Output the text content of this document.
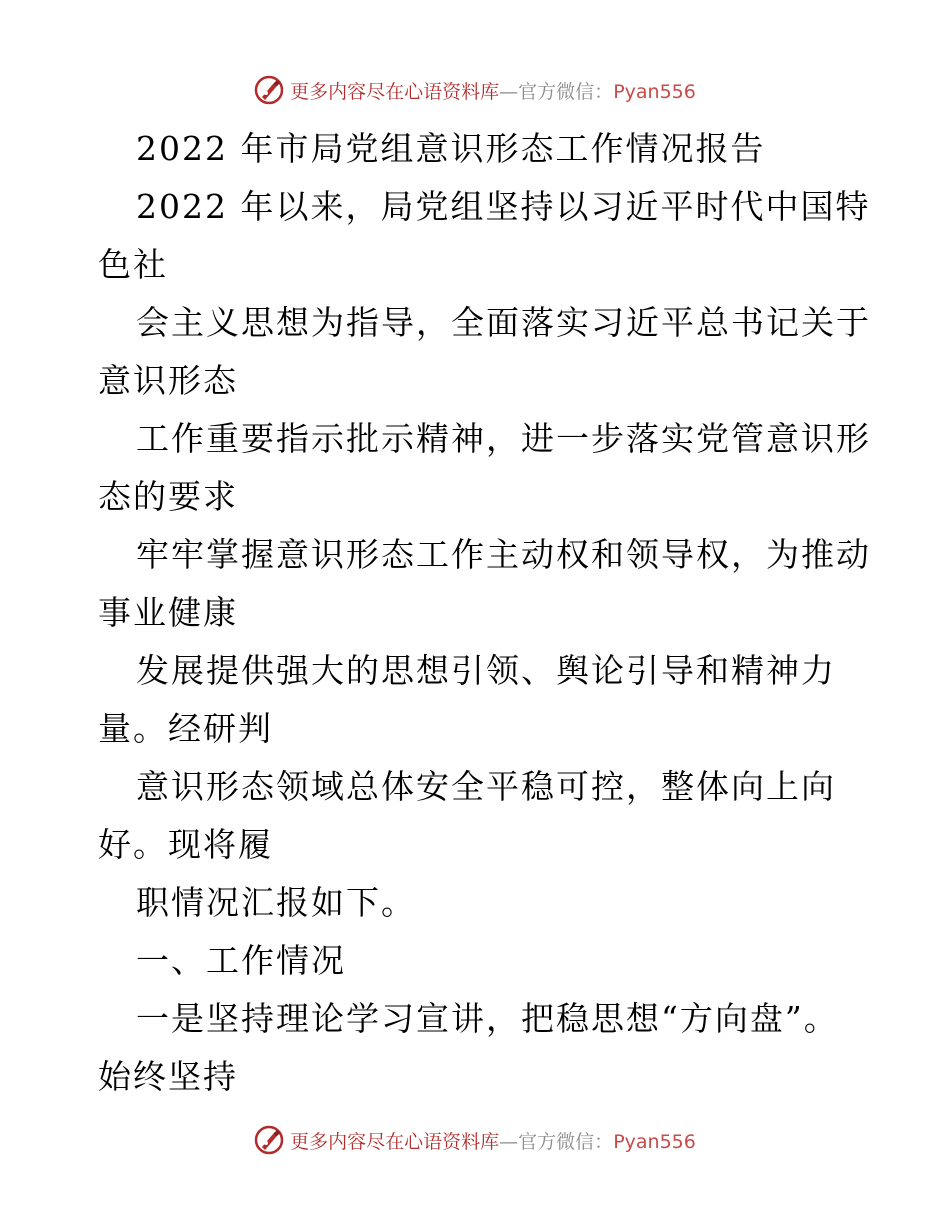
更多内容尽在心语资料库—官方微信：Pyan556
2022 年市局党组意识形态工作情况报告
2022 年以来，局党组坚持以习近平时代中国特
色社
会主义思想为指导，全面落实习近平总书记关于
意识形态
工作重要指示批示精神，进一步落实党管意识形
态的要求
牢牢掌握意识形态工作主动权和领导权，为推动
事业健康
发展提供强大的思想引领、舆论引导和精神力
量。经研判
意识形态领域总体安全平稳可控，整体向上向
好。现将履
职情况汇报如下。
一、工作情况
一是坚持理论学习宣讲，把稳思想“方向盘”。
始终坚持
更多内容尽在心语资料库—官方微信：Pyan556
